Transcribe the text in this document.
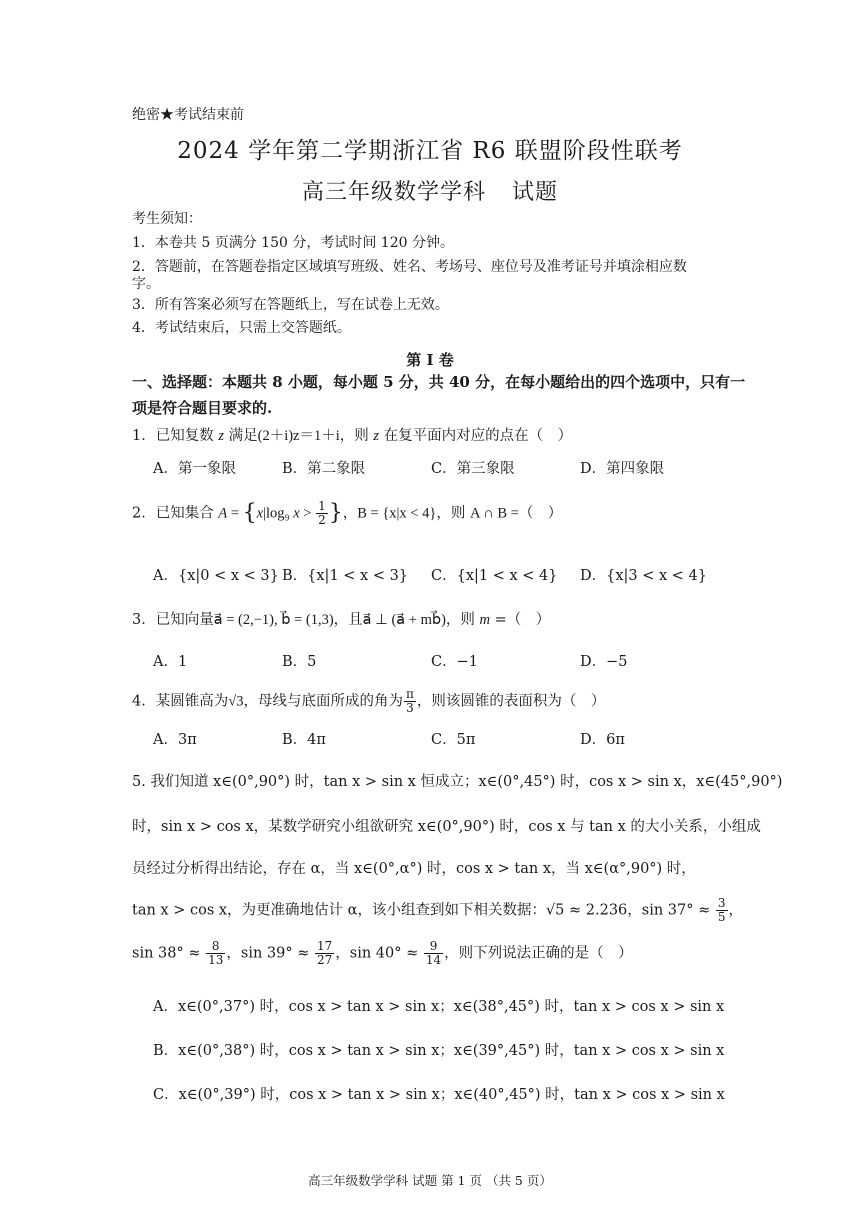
绝密★考试结束前
2024 学年第二学期浙江省 R6 联盟阶段性联考
高三年级数学学科 试题
考生须知：
1．本卷共 5 页满分 150 分，考试时间 120 分钟。
2．答题前，在答题卷指定区域填写班级、姓名、考场号、座位号及准考证号并填涂相应数
字。
3．所有答案必须写在答题纸上，写在试卷上无效。
4．考试结束后，只需上交答题纸。
第 Ⅰ 卷
一、选择题：本题共 8 小题，每小题 5 分，共 40 分，在每小题给出的四个选项中，只有一
项是符合题目要求的.
1．已知复数 z 满足(2＋i)z＝1＋i，则 z 在复平面内对应的点在（　）
A．第一象限	B．第二象限	C．第三象限	D．第四象限
2．已知集合 A = {x|log₉ $x > \frac{1}{2}$ }，B = {x|x < 4}，则 A ∩ B =（　）
A．{x|0 < x < 3} B．{x|1 < x < 3} C．{x|1 < x < 4} D．{x|3 < x < 4}
3．已知向量a⃗ = (2,−1), b⃗ = (1,3)，且a⃗ ⊥ (a⃗ + mb⃗)，则 m =（　）
A．1	B．5	C．−1	D．−5
4．某圆锥高为√3，母线与底面所成的角为 $\frac{\pi}{3}$ ，则该圆锥的表面积为（　）
A．3π	B．4π	C．5π	D．6π
5. 我们知道 x∈(0°,90°) 时，tan x > sin x 恒成立；x∈(0°,45°) 时，cos x > sin x，x∈(45°,90°)
时，sin x > cos x，某数学研究小组欲研究 x∈(0°,90°) 时，cos x 与 tan x 的大小关系，小组成
员经过分析得出结论，存在 α，当 x∈(0°,α°) 时，cos x > tan x，当 x∈(α°,90°) 时，
tan x > cos x，为更准确地估计 α，该小组查到如下相关数据：√5 ≈ 2.236，$\sin 37^\circ \approx \frac{3}{5}$ ，
$\sin 38^\circ \approx \frac{8}{13}$ ，$\sin 39^\circ \approx \frac{17}{27}$ ，$\sin 40^\circ \approx \frac{9}{14}$ ，则下列说法正确的是（　）
A．x∈(0°,37°) 时，cos x > tan x > sin x；x∈(38°,45°) 时，tan x > cos x > sin x
B．x∈(0°,38°) 时，cos x > tan x > sin x；x∈(39°,45°) 时，tan x > cos x > sin x
C．x∈(0°,39°) 时，cos x > tan x > sin x；x∈(40°,45°) 时，tan x > cos x > sin x
高三年级数学学科 试题 第 1 页 （共 5 页）
